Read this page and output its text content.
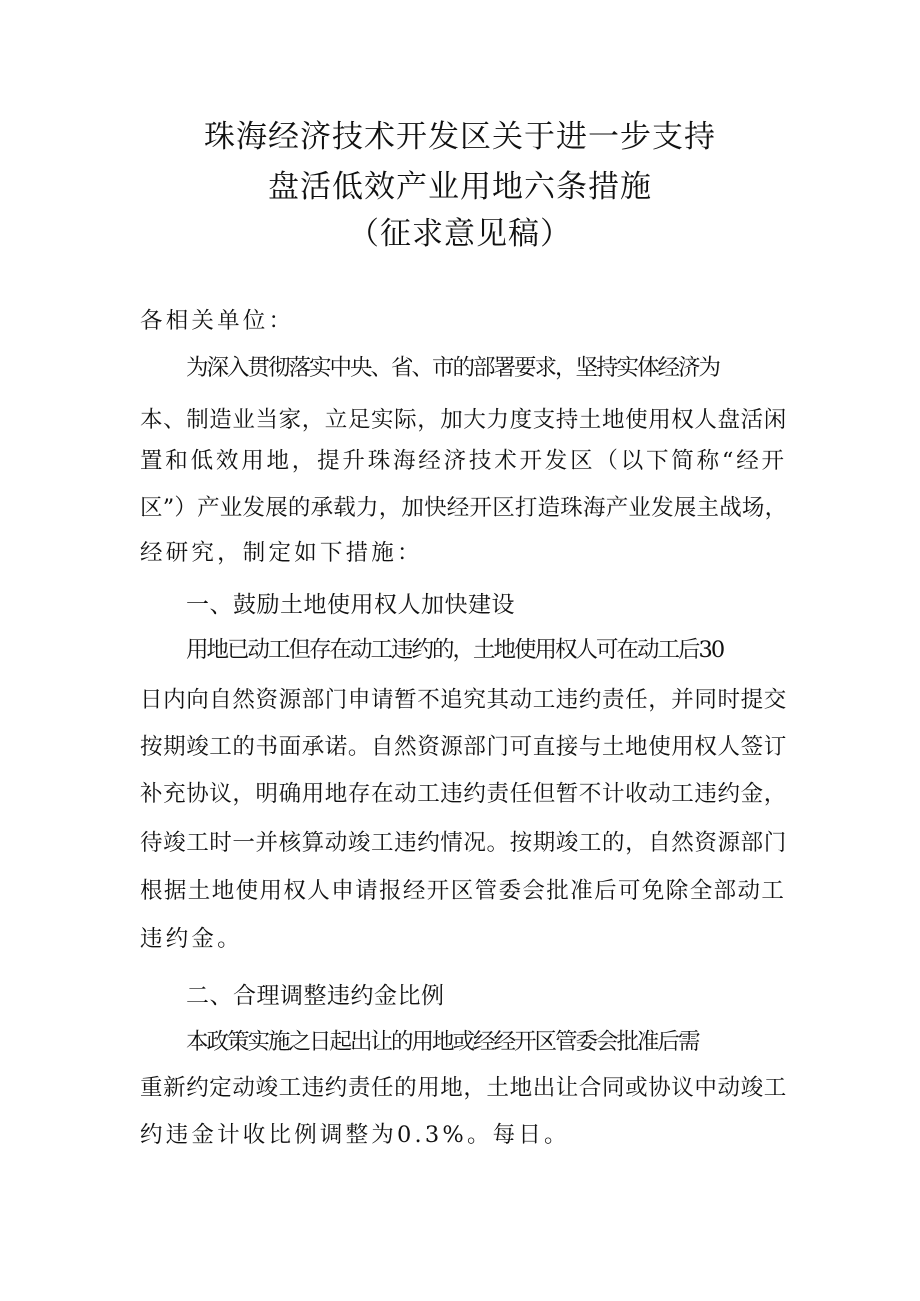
珠海经济技术开发区关于进一步支持
盘活低效产业用地六条措施
（征求意见稿）
各相关单位：
为深入贯彻落实中央、省、市的部署要求，坚持实体经济为
本、制造业当家，立足实际，加大力度支持土地使用权人盘活闲
置和低效用地，提升珠海经济技术开发区（以下简称“经开
区”）产业发展的承载力，加快经开区打造珠海产业发展主战场，
经研究，制定如下措施：
一、鼓励土地使用权人加快建设
用地已动工但存在动工违约的，土地使用权人可在动工后30
日内向自然资源部门申请暂不追究其动工违约责任，并同时提交
按期竣工的书面承诺。自然资源部门可直接与土地使用权人签订
补充协议，明确用地存在动工违约责任但暂不计收动工违约金，
待竣工时一并核算动竣工违约情况。按期竣工的，自然资源部门
根据土地使用权人申请报经开区管委会批准后可免除全部动工
违约金。
二、合理调整违约金比例
本政策实施之日起出让的用地或经经开区管委会批准后需
重新约定动竣工违约责任的用地，土地出让合同或协议中动竣工
约违金计收比例调整为0.3%。每日。
